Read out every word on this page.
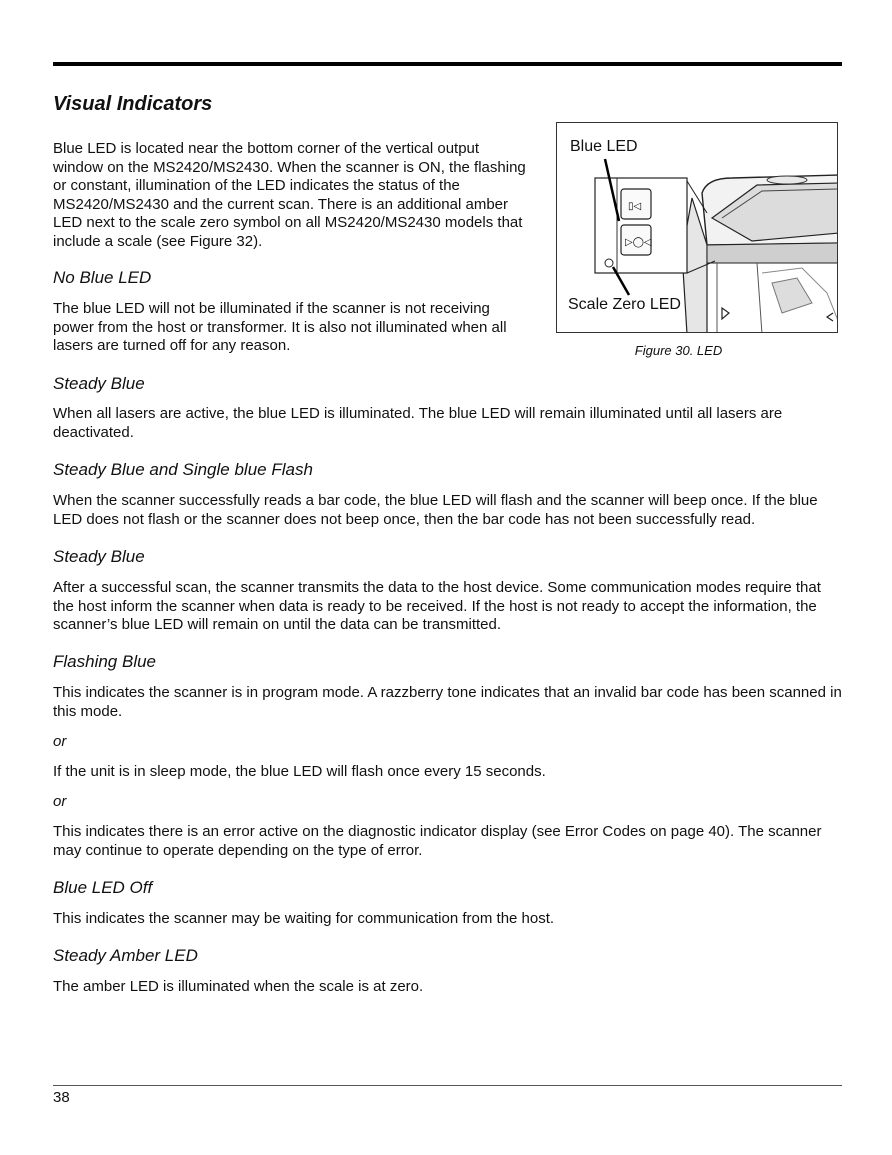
Visual Indicators

Blue LED is located near the bottom corner of the vertical output window on the MS2420/MS2430. When the scanner is ON, the flashing or constant, illumination of the LED indicates the status of the MS2420/MS2430 and the current scan. There is an additional amber LED next to the scale zero symbol on all MS2420/MS2430 models that include a scale (see Figure 32).

No Blue LED

The blue LED will not be illuminated if the scanner is not receiving power from the host or transformer. It is also not illuminated when all lasers are turned off for any reason.

▯◁
▷◯◁
Blue LED
Scale Zero LED

Figure 30. LED

Steady Blue

When all lasers are active, the blue LED is illuminated. The blue LED will remain illuminated until all lasers are deactivated.

Steady Blue and Single blue Flash

When the scanner successfully reads a bar code, the blue LED will flash and the scanner will beep once. If the blue LED does not flash or the scanner does not beep once, then the bar code has not been successfully read.

Steady Blue

After a successful scan, the scanner transmits the data to the host device. Some communication modes require that the host inform the scanner when data is ready to be received. If the host is not ready to accept the information, the scanner’s blue LED will remain on until the data can be transmitted.

Flashing Blue

This indicates the scanner is in program mode. A razzberry tone indicates that an invalid bar code has been scanned in this mode.

or

If the unit is in sleep mode, the blue LED will flash once every 15 seconds.

or

This indicates there is an error active on the diagnostic indicator display (see Error Codes on page 40). The scanner may continue to operate depending on the type of error.

Blue LED Off

This indicates the scanner may be waiting for communication from the host.

Steady Amber LED

The amber LED is illuminated when the scale is at zero.

38
